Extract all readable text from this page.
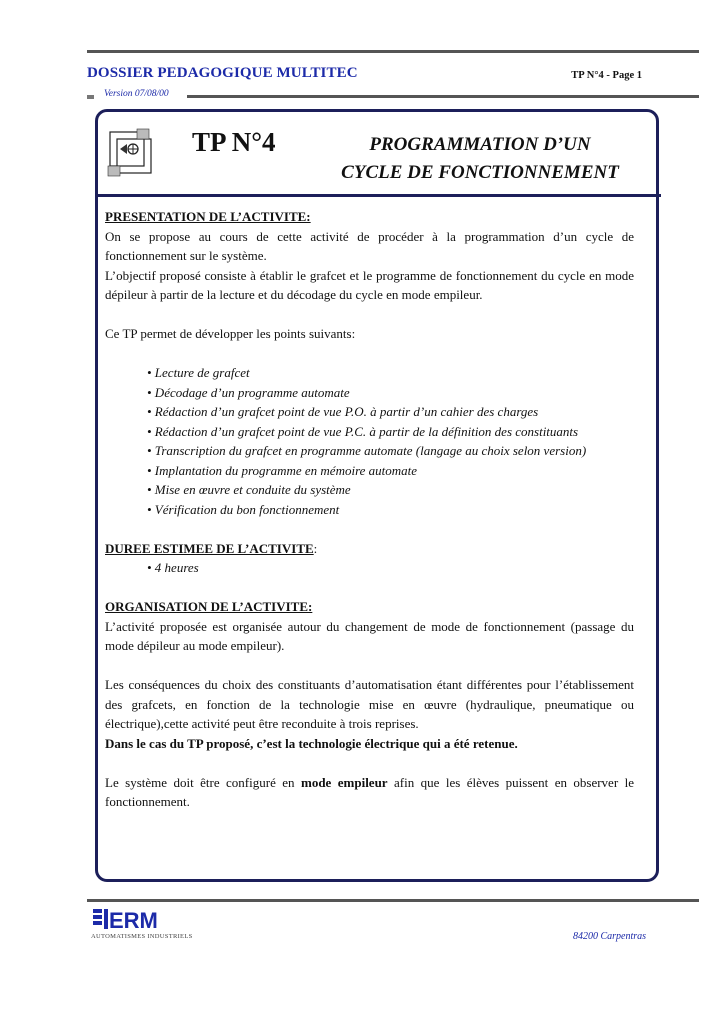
DOSSIER PEDAGOGIQUE MULTITEC	TP N°4 - Page 1
Version 07/08/00
TP N°4	PROGRAMMATION D’UN
CYCLE DE FONCTIONNEMENT

PRESENTATION DE L’ACTIVITE:

On se propose au cours de cette activité de procéder à la programmation d’un cycle de fonctionnement sur le système.

L’objectif proposé consiste à établir le grafcet et le programme de fonctionnement du cycle en mode dépileur à partir de la lecture et du décodage du cycle en mode empileur.

Ce TP permet de développer les points suivants:

• Lecture de grafcet
• Décodage d’un programme automate
• Rédaction d’un grafcet point de vue P.O. à partir d’un cahier des charges
• Rédaction d’un grafcet point de vue P.C. à partir de la définition des constituants
• Transcription du grafcet en programme automate (langage au choix selon version)
• Implantation du programme en mémoire automate
• Mise en œuvre et conduite du système
• Vérification du bon fonctionnement

DUREE ESTIMEE DE L’ACTIVITE:

• 4 heures

ORGANISATION DE L’ACTIVITE:

L’activité proposée est organisée autour du changement de mode de fonctionnement (passage du mode dépileur au mode empileur).

Les conséquences du choix des constituants d’automatisation étant différentes pour l’établissement des grafcets, en fonction de la technologie mise en œuvre (hydraulique, pneumatique ou électrique),cette activité peut être reconduite à trois reprises.

Dans le cas du TP proposé, c’est la technologie électrique qui a été retenue.

Le système doit être configuré en mode empileur afin que les élèves puissent en observer le fonctionnement.

ERM
AUTOMATISMES INDUSTRIELS	84200 Carpentras
